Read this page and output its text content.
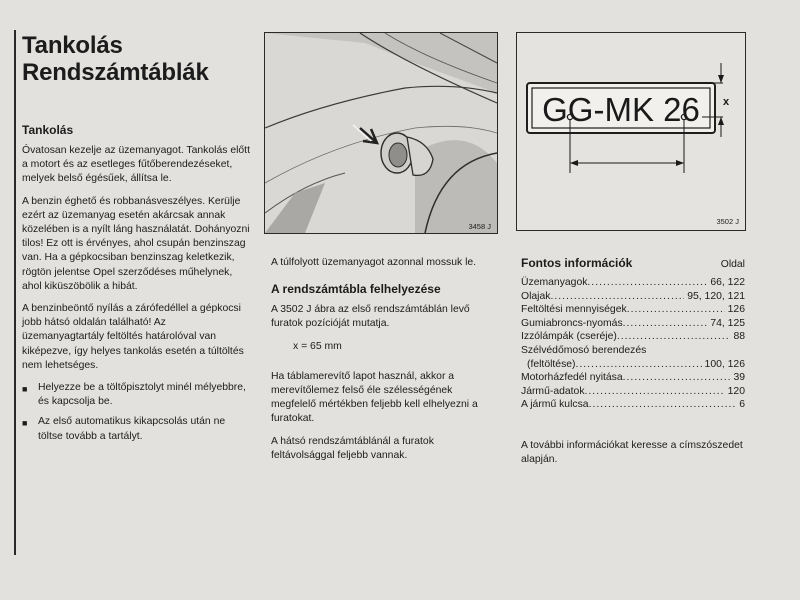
Tankolás
Rendszámtáblák
Tankolás

Óvatosan kezelje az üzemanyagot. Tankolás előtt a motort és az esetleges fűtőberendezéseket, melyek belső égésűek, állítsa le.

A benzin éghető és robbanásveszélyes. Kerülje ezért az üzemanyag esetén akárcsak annak közelében is a nyílt láng használatát. Dohányozni tilos! Ez ott is érvényes, ahol csupán benzinszag van. Ha a gépkocsiban benzinszag keletkezik, rögtön jelentse Opel szerződéses műhelynek, ahol kiküszöbölik a hibát.

A benzinbeöntő nyílás a zárófedéllel a gépkocsi jobb hátsó oldalán található! Az üzemanyagtartály feltöltés határolóval van kiképezve, így helyes tankolás esetén a túltöltés nem lehetséges.

■	Helyezze be a töltőpisztolyt minél mélyebbre, és kapcsolja be.
■	Az első automatikus kikapcsolás után ne töltse tovább a tartályt.
3458 J
GG-MK 26 x
3502 J

A túlfolyott üzemanyagot azonnal mossuk le.

A rendszámtábla felhelyezése

A 3502 J ábra az első rendszámtáblán levő furatok pozícióját mutatja.

x = 65 mm

Ha táblamerevítő lapot használ, akkor a merevítőlemez felső éle szélességének megfelelő mértékben feljebb kell elhelyezni a furatokat.

A hátsó rendszámtáblánál a furatok feltávolsággal feljebb vannak.

Fontos információk	Oldal
Üzemanyagok .....	66, 122
Olajak .....	95, 120, 121
Feltöltési mennyiségek .....	126
Gumiabroncs-nyomás .....	74, 125
Izzólámpák (cseréje) .....	88
Szélvédőmosó berendezés
(feltöltése) .....	100, 126
Motorházfedél nyitása .....	39
Jármű-adatok .....	120
A jármű kulcsa .....	6

A további információkat keresse a címszószedet alapján.
